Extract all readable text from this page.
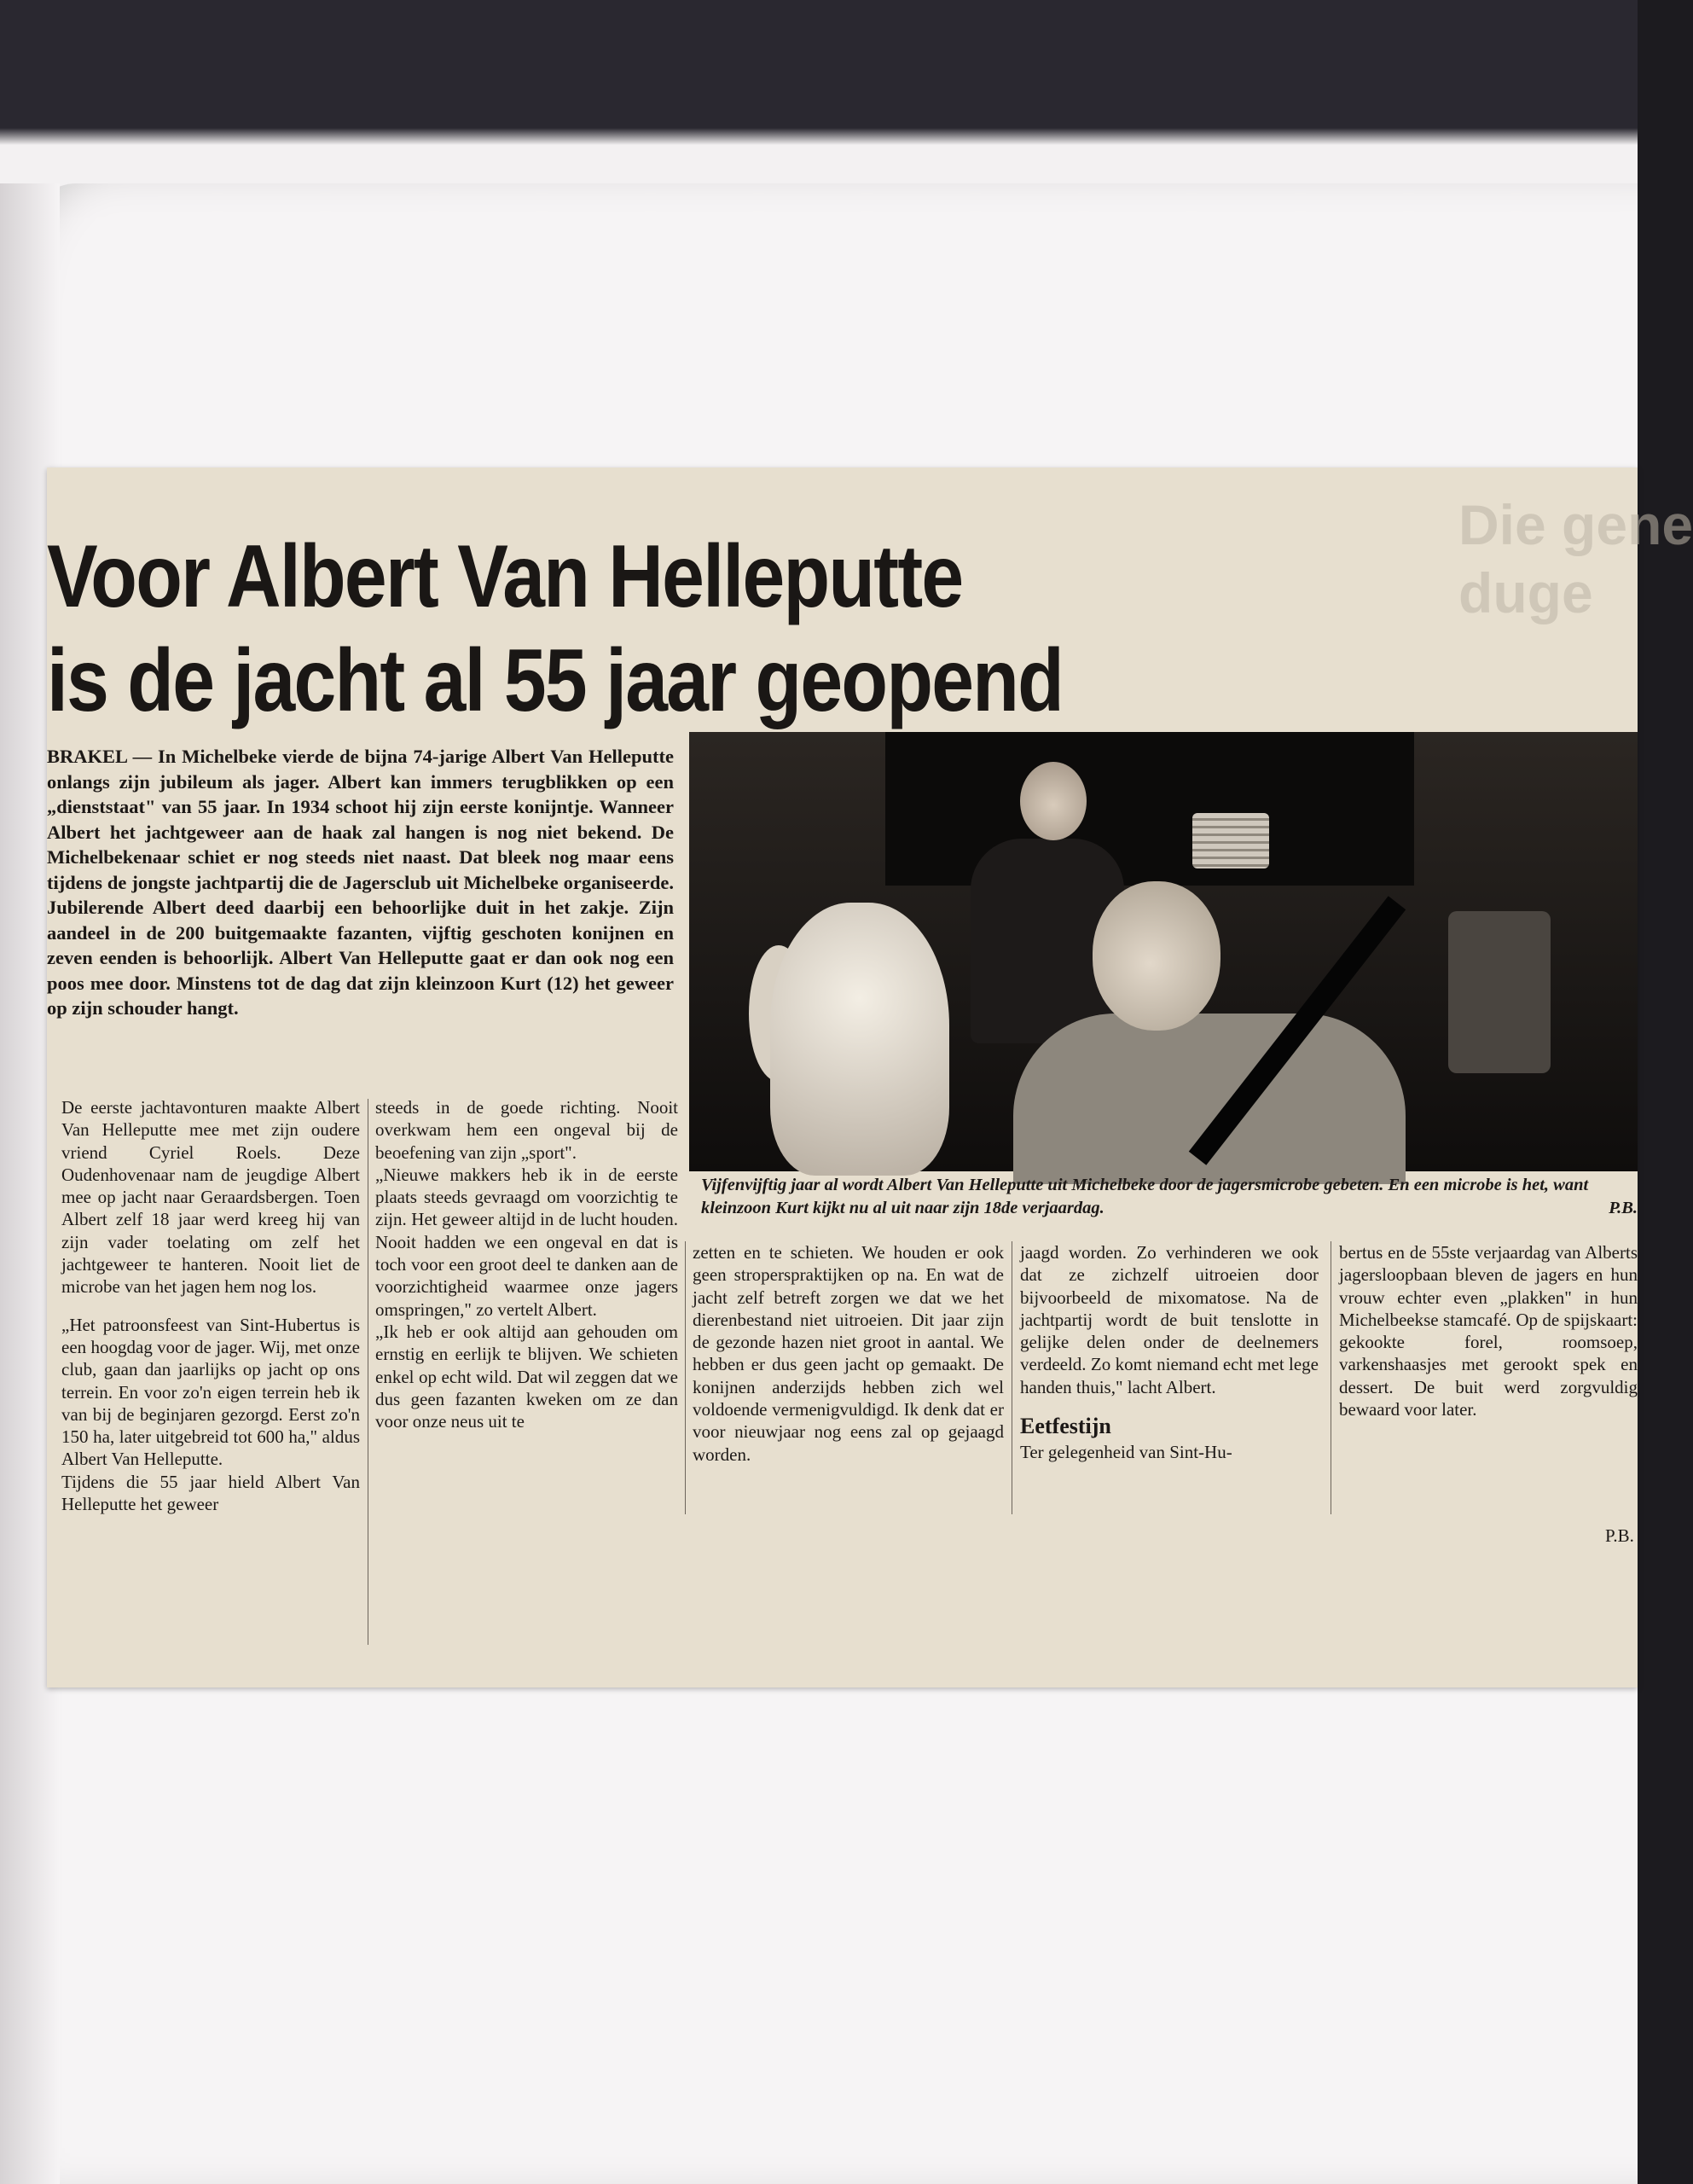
Die gene
duge
Voor Albert Van Helleputte
is de jacht al 55 jaar geopend
BRAKEL — In Michelbeke vierde de bijna 74-jarige Albert Van Helleputte onlangs zijn jubileum als jager. Albert kan immers terugblikken op een „dienststaat" van 55 jaar. In 1934 schoot hij zijn eerste konijntje. Wanneer Albert het jachtgeweer aan de haak zal hangen is nog niet bekend. De Michelbekenaar schiet er nog steeds niet naast. Dat bleek nog maar eens tijdens de jongste jachtpartij die de Jagersclub uit Michelbeke organiseerde. Jubilerende Albert deed daarbij een behoorlijke duit in het zakje. Zijn aandeel in de 200 buitgemaakte fazanten, vijftig geschoten konijnen en zeven eenden is behoorlijk. Albert Van Helleputte gaat er dan ook nog een poos mee door. Minstens tot de dag dat zijn kleinzoon Kurt (12) het geweer op zijn schouder hangt.
Vijfenvijftig jaar al wordt Albert Van Helleputte uit Michelbeke door de jagersmicrobe gebeten. En een microbe is het, want kleinzoon Kurt kijkt nu al uit naar zijn 18de verjaardag.	P.B.

De eerste jachtavonturen maakte Albert Van Helleputte mee met zijn oudere vriend Cyriel Roels. Deze Oudenhovenaar nam de jeugdige Albert mee op jacht naar Geraardsbergen. Toen Albert zelf 18 jaar werd kreeg hij van zijn vader toelating om zelf het jachtgeweer te hanteren. Nooit liet de microbe van het jagen hem nog los.

„Het patroonsfeest van Sint-Hubertus is een hoogdag voor de jager. Wij, met onze club, gaan dan jaarlijks op jacht op ons terrein. En voor zo'n eigen terrein heb ik van bij de beginjaren gezorgd. Eerst zo'n 150 ha, later uitgebreid tot 600 ha," aldus Albert Van Helleputte.

Tijdens die 55 jaar hield Albert Van Helleputte het geweer

steeds in de goede richting. Nooit overkwam hem een ongeval bij de beoefening van zijn „sport".

„Nieuwe makkers heb ik in de eerste plaats steeds gevraagd om voorzichtig te zijn. Het geweer altijd in de lucht houden. Nooit hadden we een ongeval en dat is toch voor een groot deel te danken aan de voorzichtigheid waarmee onze jagers omspringen," zo vertelt Albert.

„Ik heb er ook altijd aan gehouden om ernstig en eerlijk te blijven. We schieten enkel op echt wild. Dat wil zeggen dat we dus geen fazanten kweken om ze dan voor onze neus uit te

zetten en te schieten. We houden er ook geen stroperspraktijken op na. En wat de jacht zelf betreft zorgen we dat we het dierenbestand niet uitroeien. Dit jaar zijn de gezonde hazen niet groot in aantal. We hebben er dus geen jacht op gemaakt. De konijnen anderzijds hebben zich wel voldoende vermenigvuldigd. Ik denk dat er voor nieuwjaar nog eens zal op gejaagd worden.

jaagd worden. Zo verhinderen we ook dat ze zichzelf uitroeien door bijvoorbeeld de mixomatose. Na de jachtpartij wordt de buit tenslotte in gelijke delen onder de deelnemers verdeeld. Zo komt niemand echt met lege handen thuis," lacht Albert.

Eetfestijn

Ter gelegenheid van Sint-Hu-

bertus en de 55ste verjaardag van Alberts jagersloopbaan bleven de jagers en hun vrouw echter even „plakken" in hun Michelbeekse stamcafé. Op de spijskaart: gekookte forel, roomsoep, varkenshaasjes met gerookt spek en dessert. De buit werd zorgvuldig bewaard voor later.

P.B.
